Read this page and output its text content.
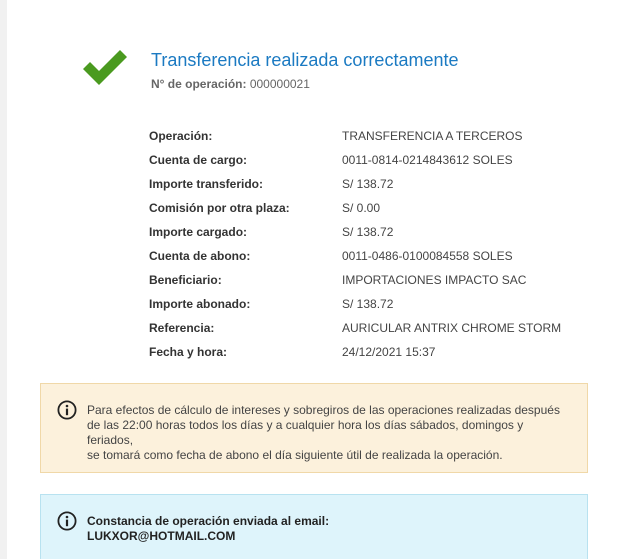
Transferencia realizada correctamente
N° de operación: 000000021
Operación:	TRANSFERENCIA A TERCEROS
Cuenta de cargo:	0011-0814-0214843612 SOLES
Importe transferido:	S/ 138.72
Comisión por otra plaza:	S/ 0.00
Importe cargado:	S/ 138.72
Cuenta de abono:	0011-0486-0100084558 SOLES
Beneficiario:	IMPORTACIONES IMPACTO SAC
Importe abonado:	S/ 138.72
Referencia:	AURICULAR ANTRIX CHROME STORM
Fecha y hora:	24/12/2021 15:37
Para efectos de cálculo de intereses y sobregiros de las operaciones realizadas después
de las 22:00 horas todos los días y a cualquier hora los días sábados, domingos y feriados,
se tomará como fecha de abono el día siguiente útil de realizada la operación.
Constancia de operación enviada al email:
LUKXOR@HOTMAIL.COM
